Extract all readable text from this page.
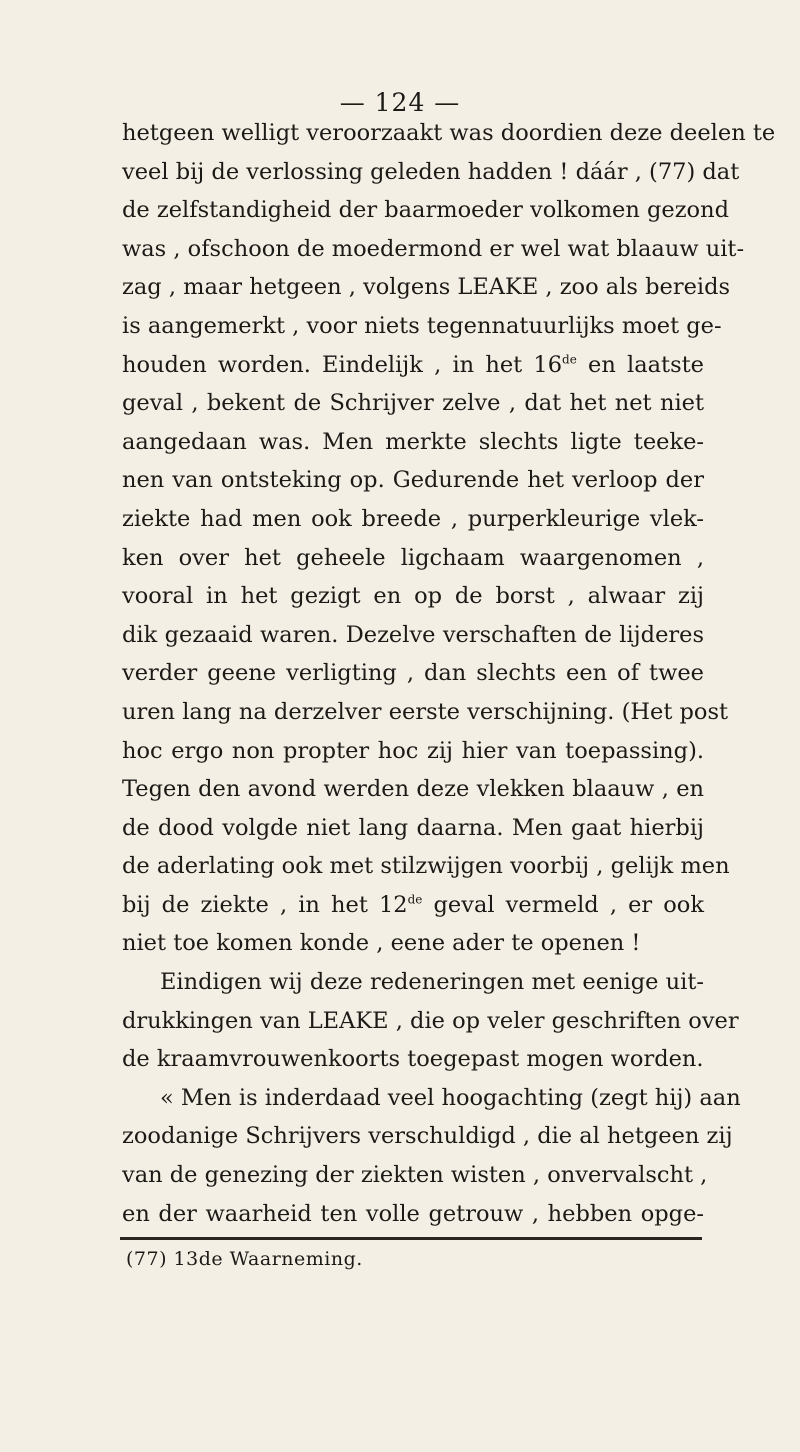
— 124 —
hetgeen welligt veroorzaakt was doordien deze deelen te
veel bij de verlossing geleden hadden ! dáár , (77) dat
de zelfstandigheid der baarmoeder volkomen gezond
was , ofschoon de moedermond er wel wat blaauw uit-
zag , maar hetgeen , volgens LEAKE , zoo als bereids
is aangemerkt , voor niets tegennatuurlijks moet ge-
houden worden. Eindelijk , in het 16de en laatste
geval , bekent de Schrijver zelve , dat het net niet
aangedaan was. Men merkte slechts ligte teeke-
nen van ontsteking op. Gedurende het verloop der
ziekte had men ook breede , purperkleurige vlek-
ken over het geheele ligchaam waargenomen ,
vooral in het gezigt en op de borst , alwaar zij
dik gezaaid waren. Dezelve verschaften de lijderes
verder geene verligting , dan slechts een of twee
uren lang na derzelver eerste verschijning. (Het post
hoc ergo non propter hoc zij hier van toepassing).
Tegen den avond werden deze vlekken blaauw , en
de dood volgde niet lang daarna. Men gaat hierbij
de aderlating ook met stilzwijgen voorbij , gelijk men
bij de ziekte , in het 12de geval vermeld , er ook
niet toe komen konde , eene ader te openen !
Eindigen wij deze redeneringen met eenige uit-
drukkingen van LEAKE , die op veler geschriften over
de kraamvrouwenkoorts toegepast mogen worden.
« Men is inderdaad veel hoogachting (zegt hij) aan
zoodanige Schrijvers verschuldigd , die al hetgeen zij
van de genezing der ziekten wisten , onvervalscht ,
en der waarheid ten volle getrouw , hebben opge-
(77) 13de Waarneming.
